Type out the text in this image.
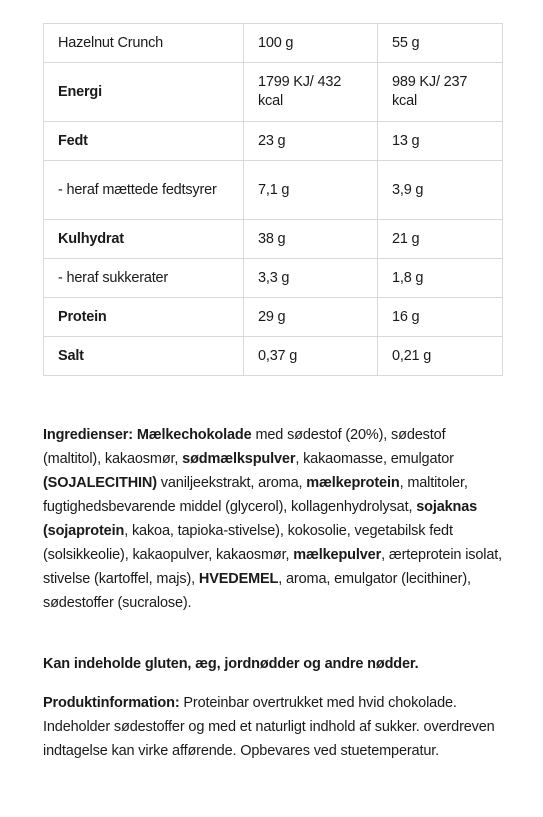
Hazelnut Crunch	100 g	55 g
Energi	1799 KJ/ 432 kcal	989 KJ/ 237 kcal
Fedt	23 g	13 g
- heraf mættede fedtsyrer	7,1 g	3,9 g
Kulhydrat	38 g	21 g
- heraf sukkerater	3,3 g	1,8 g
Protein	29 g	16 g
Salt	0,37 g	0,21 g
Ingredienser: Mælkechokolade med sødestof (20%), sødestof (maltitol), kakaosmør, sødmælkspulver, kakaomasse, emulgator (SOJALECITHIN) vaniljeekstrakt, aroma, mælkeprotein, maltitoler, fugtighedsbevarende middel (glycerol), kollagenhydrolysat, sojaknas (sojaprotein, kakoa, tapioka-stivelse), kokosolie, vegetabilsk fedt (solsikkeolie), kakaopulver, kakaosmør, mælkepulver, ærteprotein isolat, stivelse (kartoffel, majs), HVEDEMEL, aroma, emulgator (lecithiner), sødestoffer (sucralose).
Kan indeholde gluten, æg, jordnødder og andre nødder.
Produktinformation: Proteinbar overtrukket med hvid chokolade. Indeholder sødestoffer og med et naturligt indhold af sukker. overdreven indtagelse kan virke afførende. Opbevares ved stuetemperatur.
